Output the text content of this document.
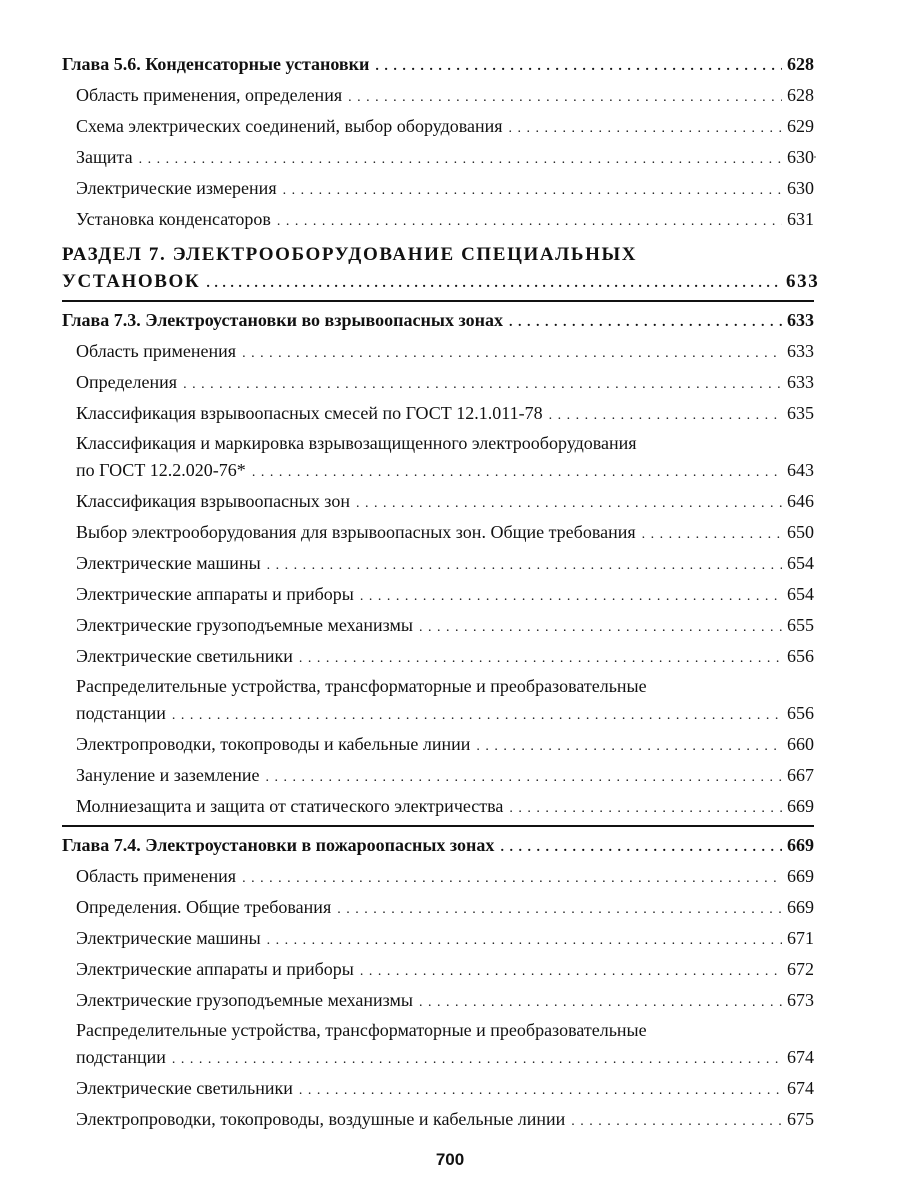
Глава 5.6. Конденсаторные установки . . .	628
Область применения, определения . . .	628
Схема электрических соединений, выбор оборудования . . .	629
Защита . . .	630
Электрические измерения . . .	630
Установка конденсаторов . . .	631
РАЗДЕЛ 7. ЭЛЕКТРООБОРУДОВАНИЕ СПЕЦИАЛЬНЫХ
УСТАНОВОК . . .	633
Глава 7.3. Электроустановки во взрывоопасных зонах . . .	633
Область применения . . .	633
Определения . . .	633
Классификация взрывоопасных смесей по ГОСТ 12.1.011-78 . . .	635
Классификация и маркировка взрывозащищенного электрооборудования
по ГОСТ 12.2.020-76* . . .	643
Классификация взрывоопасных зон . . .	646
Выбор электрооборудования для взрывоопасных зон. Общие требования . . .	650
Электрические машины . . .	654
Электрические аппараты и приборы . . .	654
Электрические грузоподъемные механизмы . . .	655
Электрические светильники . . .	656
Распределительные устройства, трансформаторные и преобразовательные
подстанции . . .	656
Электропроводки, токопроводы и кабельные линии . . .	660
Зануление и заземление . . .	667
Молниезащита и защита от статического электричества . . .	669
Глава 7.4. Электроустановки в пожароопасных зонах . . .	669
Область применения . . .	669
Определения. Общие требования . . .	669
Электрические машины . . .	671
Электрические аппараты и приборы . . .	672
Электрические грузоподъемные механизмы . . .	673
Распределительные устройства, трансформаторные и преобразовательные
подстанции . . .	674
Электрические светильники . . .	674
Электропроводки, токопроводы, воздушные и кабельные линии . . .	675
700
